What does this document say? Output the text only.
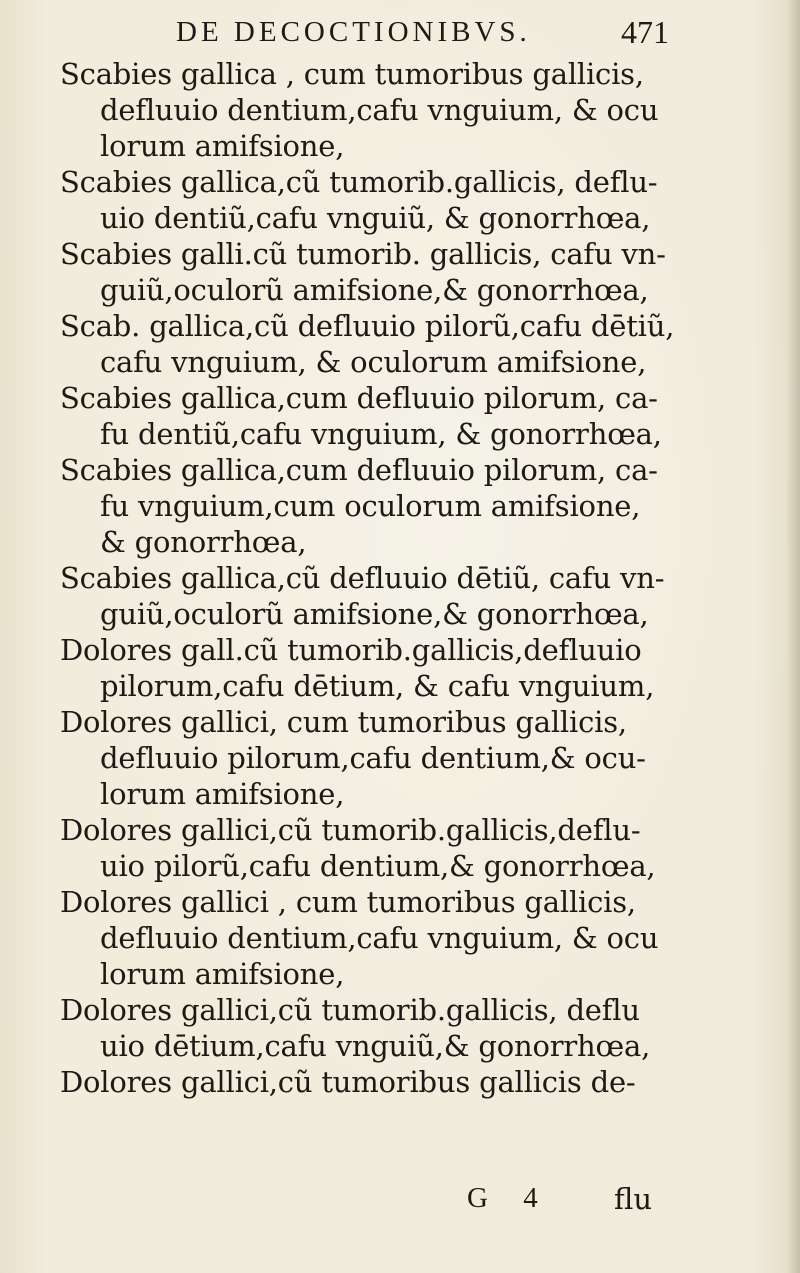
DE DECOCTIONIBVS.	471
Scabies gallica , cum tumoribus gallicis,
defluuio dentium,cafu vnguium, & ocu
lorum amifsione,
Scabies gallica,cũ tumorib.gallicis, deflu-
uio dentiũ,cafu vnguiũ, & gonorrhœa,
Scabies galli.cũ tumorib. gallicis, cafu vn-
guiũ,oculorũ amifsione,& gonorrhœa,
Scab. gallica,cũ defluuio pilorũ,cafu dētiũ,
cafu vnguium, & oculorum amifsione,
Scabies gallica,cum defluuio pilorum, ca-
fu dentiũ,cafu vnguium, & gonorrhœa,
Scabies gallica,cum defluuio pilorum, ca-
fu vnguium,cum oculorum amifsione,
& gonorrhœa,
Scabies gallica,cũ defluuio dētiũ, cafu vn-
guiũ,oculorũ amifsione,& gonorrhœa,
Dolores gall.cũ tumorib.gallicis,defluuio
pilorum,cafu dētium, & cafu vnguium,
Dolores gallici, cum tumoribus gallicis,
defluuio pilorum,cafu dentium,& ocu-
lorum amifsione,
Dolores gallici,cũ tumorib.gallicis,deflu-
uio pilorũ,cafu dentium,& gonorrhœa,
Dolores gallici , cum tumoribus gallicis,
defluuio dentium,cafu vnguium, & ocu
lorum amifsione,
Dolores gallici,cũ tumorib.gallicis, deflu
uio dētium,cafu vnguiũ,& gonorrhœa,
Dolores gallici,cũ tumoribus gallicis de-
G 4 flu
